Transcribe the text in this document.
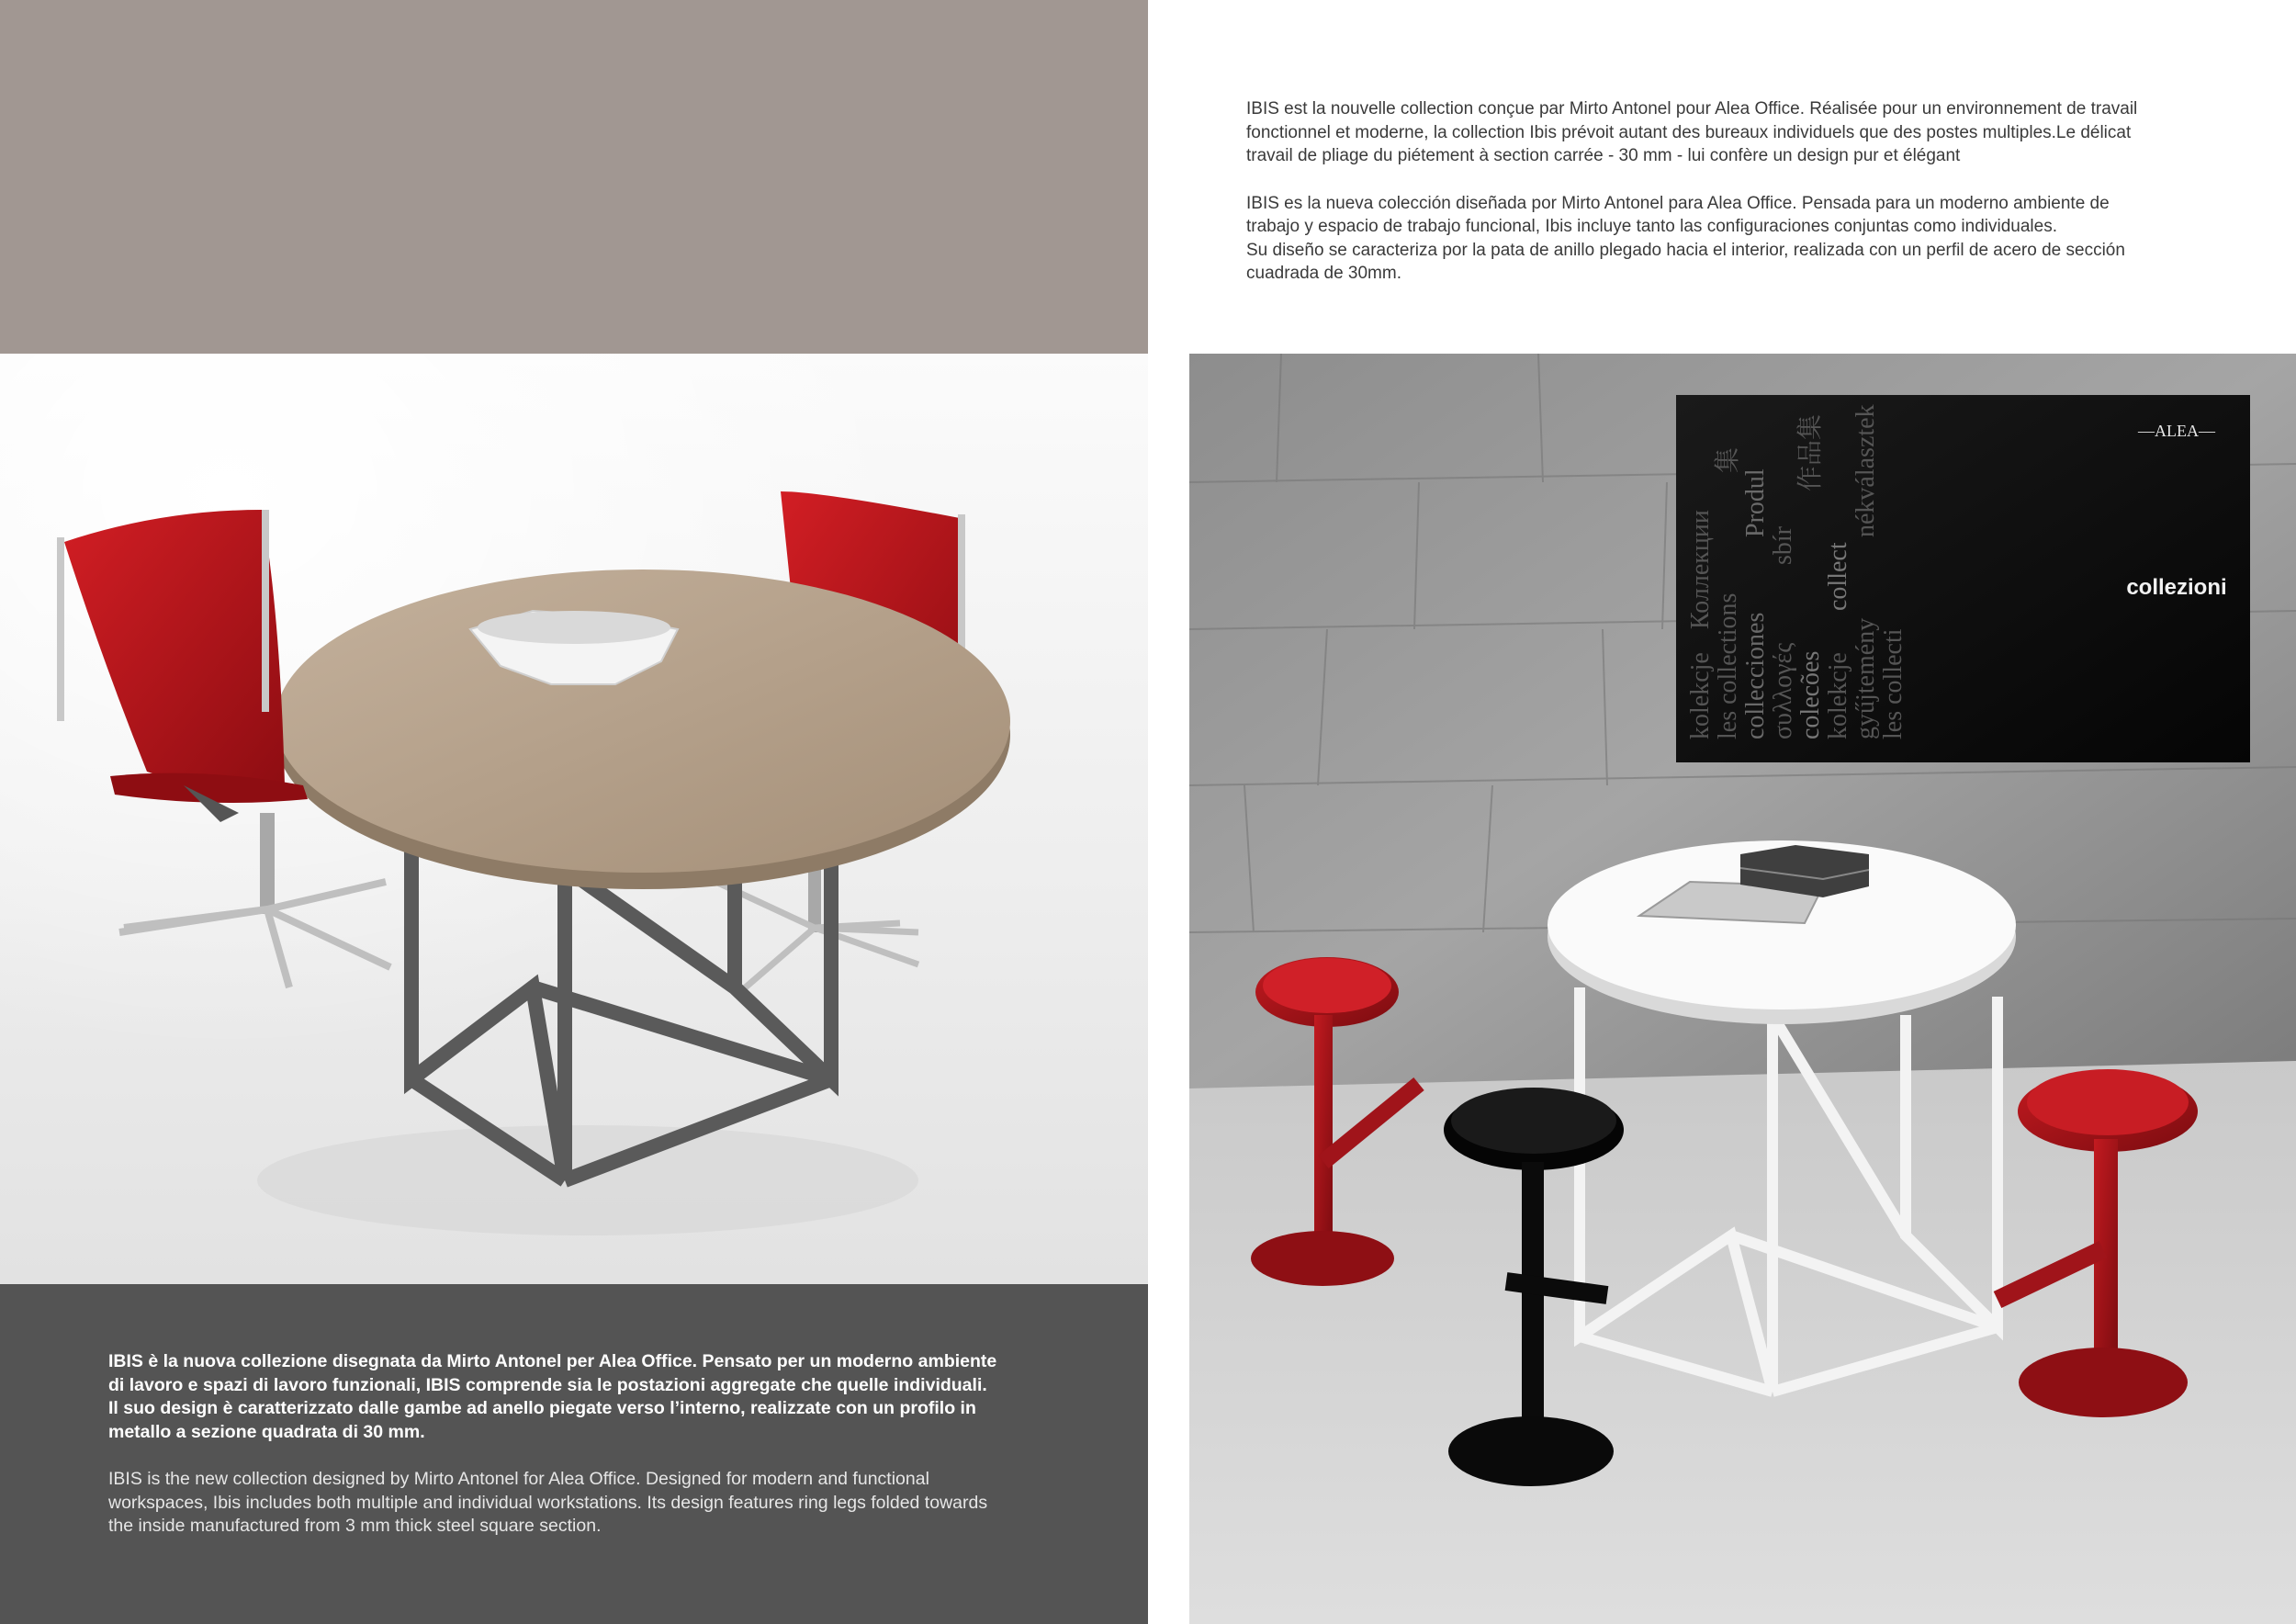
IBIS est la nouvelle collection conçue par Mirto Antonel pour Alea Office. Réalisée pour un environnement de travail
fonctionnel et moderne, la collection Ibis prévoit autant des bureaux individuels que des postes multiples.Le délicat
travail de pliage du piétement à section carrée - 30 mm - lui confère un design pur et élégant

IBIS es la nueva colección diseñada por Mirto Antonel para Alea Office. Pensada para un moderno ambiente de
trabajo y espacio de trabajo funcional, Ibis incluye tanto las configuraciones conjuntas como individuales.
Su diseño se caracteriza por la pata de anillo plegado hacia el interior, realizada con un perfil de acero de sección
cuadrada de 30mm.

kolekcje
Коллекции
les collections collecciones
Produl
συλλογές
sbír
colecões kolekcje
collect
gyűjtemény les collecti
集 作品集 nékválasztek	—ALEA—
collezioni

IBIS è la nuova collezione disegnata da Mirto Antonel per Alea Office. Pensato per un moderno ambiente
di lavoro e spazi di lavoro funzionali, IBIS comprende sia le postazioni aggregate che quelle individuali.
Il suo design è caratterizzato dalle gambe ad anello piegate verso l’interno, realizzate con un profilo in
metallo a sezione quadrata di 30 mm.

IBIS is the new collection designed by Mirto Antonel for Alea Office. Designed for modern and functional
workspaces, Ibis includes both multiple and individual workstations. Its design features ring legs folded towards
the inside manufactured from 3 mm thick steel square section.
